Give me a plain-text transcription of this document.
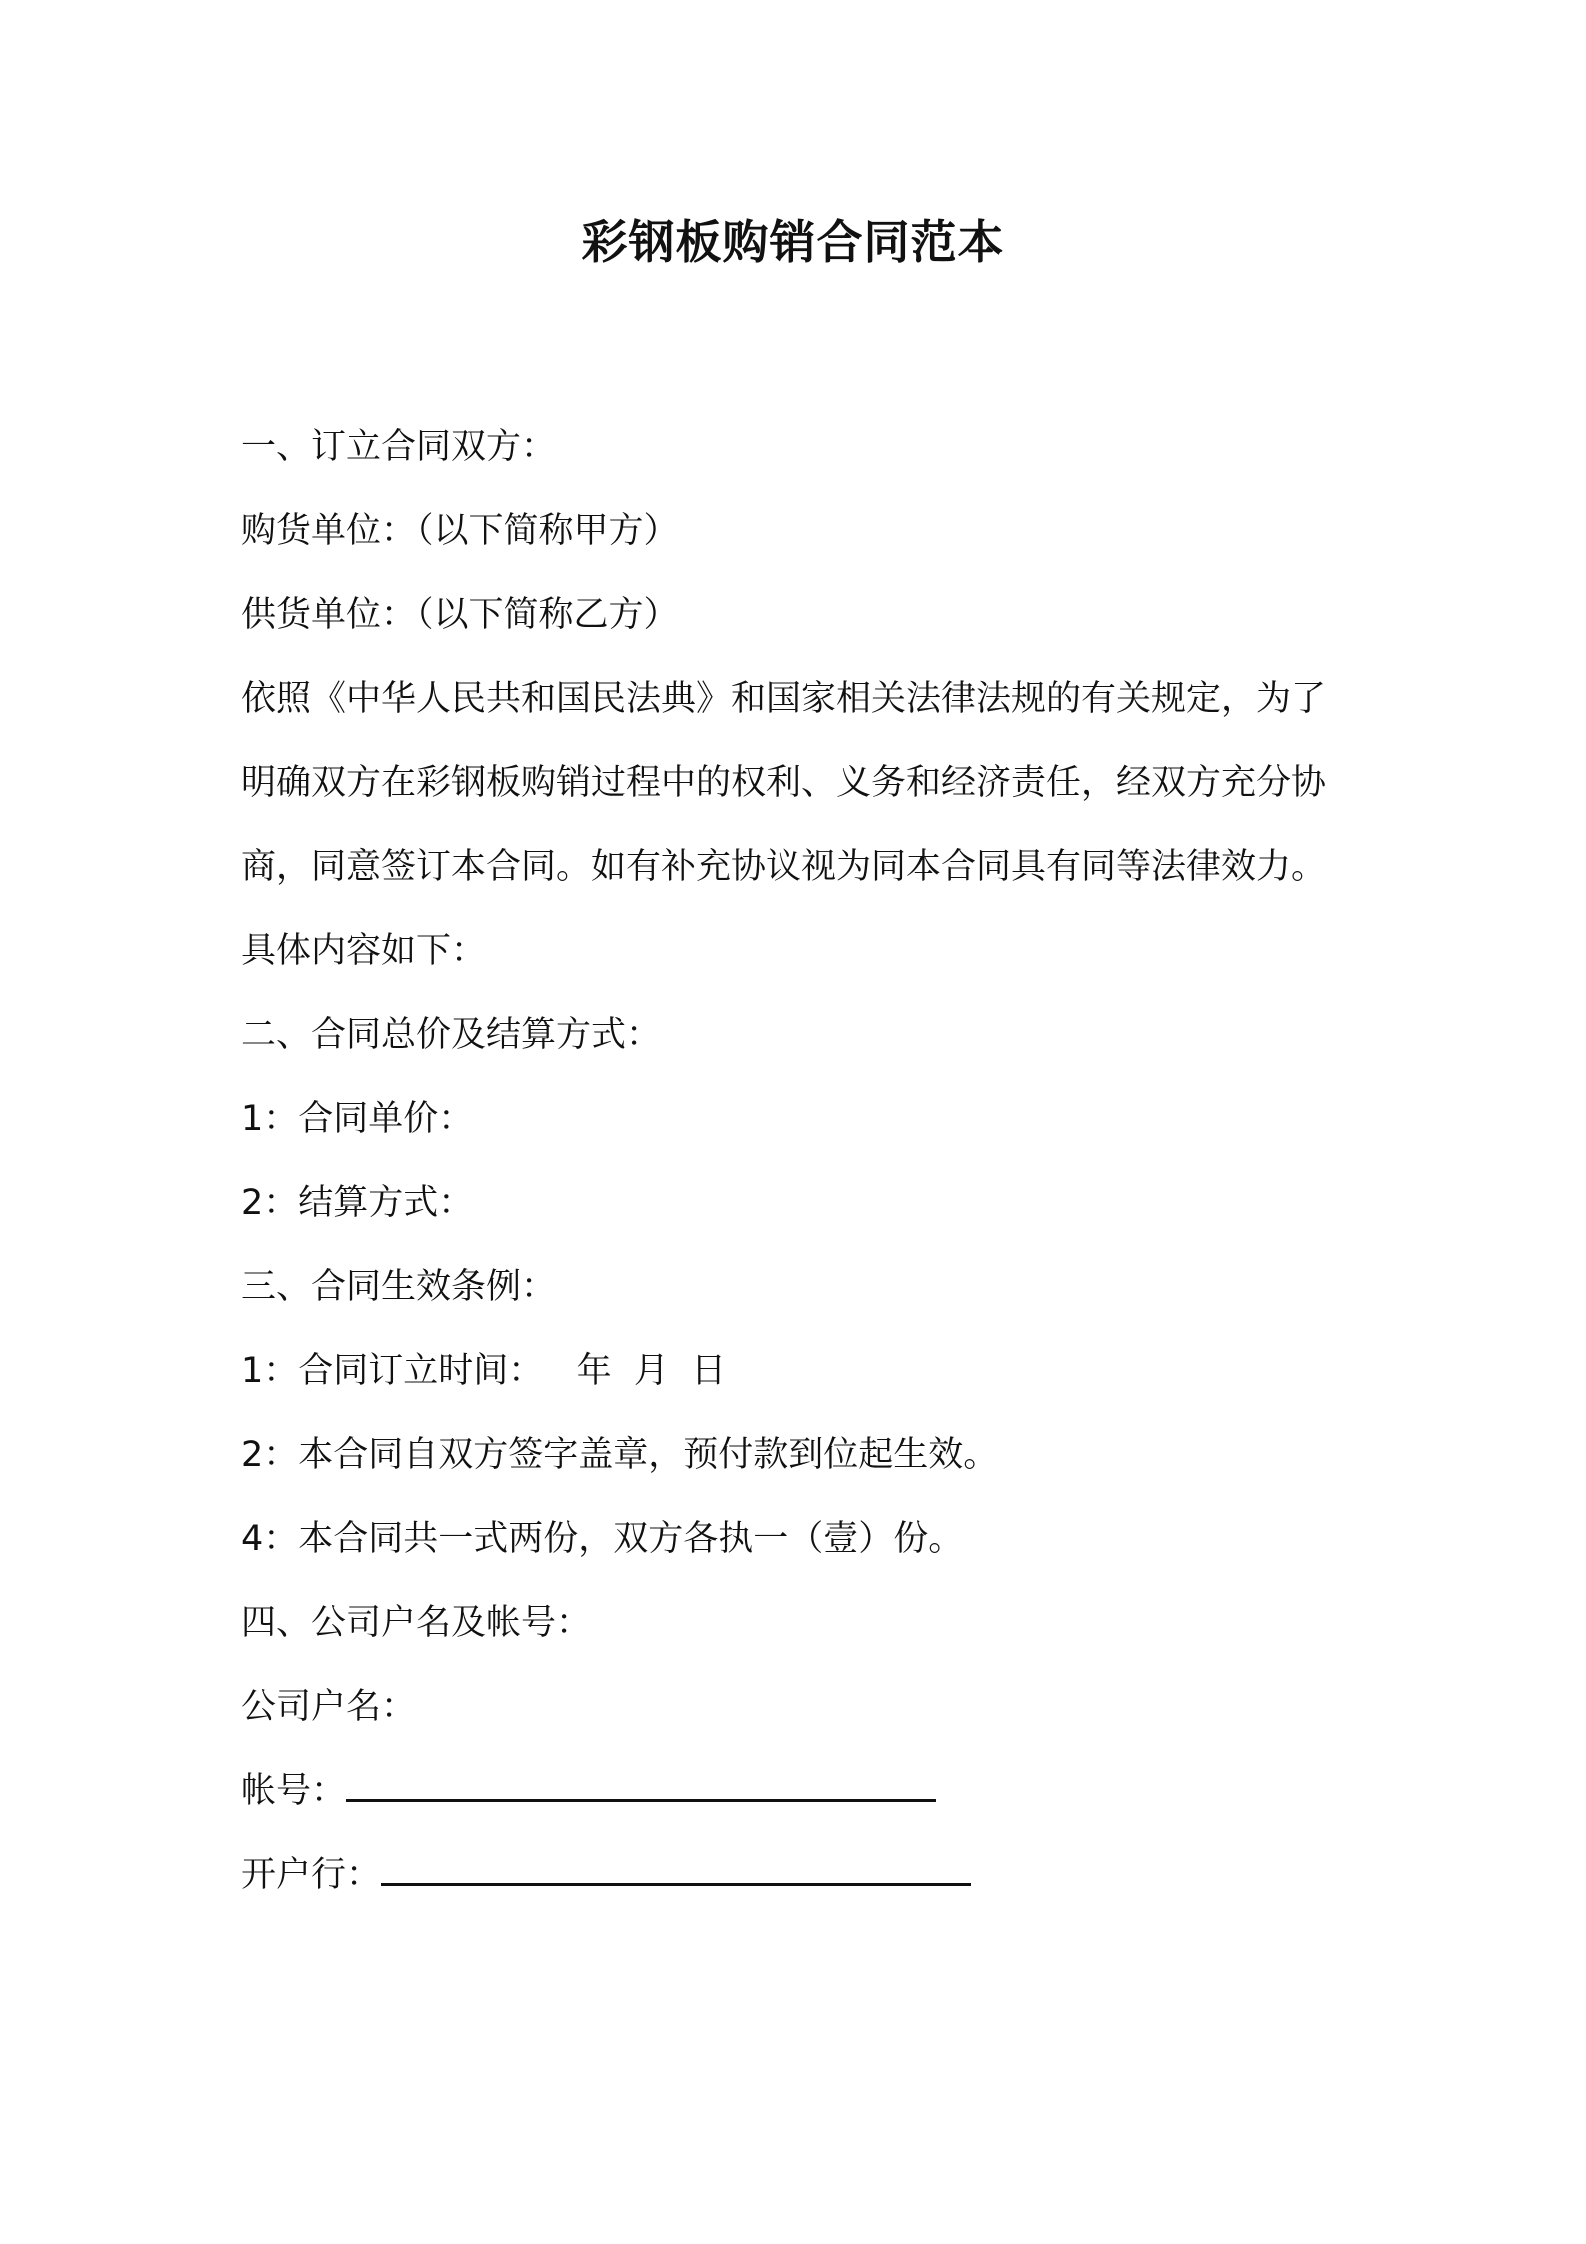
彩钢板购销合同范本
一、订立合同双方：
购货单位：（以下简称甲方）
供货单位：（以下简称乙方）
依照《中华人民共和国民法典》和国家相关法律法规的有关规定，为了明确双方在彩钢板购销过程中的权利、义务和经济责任，经双方充分协商，同意签订本合同。如有补充协议视为同本合同具有同等法律效力。
具体内容如下：
二、合同总价及结算方式：
1：合同单价：
2：结算方式：
三、合同生效条例：
1：合同订立时间：   年  月  日
2：本合同自双方签字盖章，预付款到位起生效。
4：本合同共一式两份，双方各执一（壹）份。
四、公司户名及帐号：
公司户名：
帐号：
开户行：
